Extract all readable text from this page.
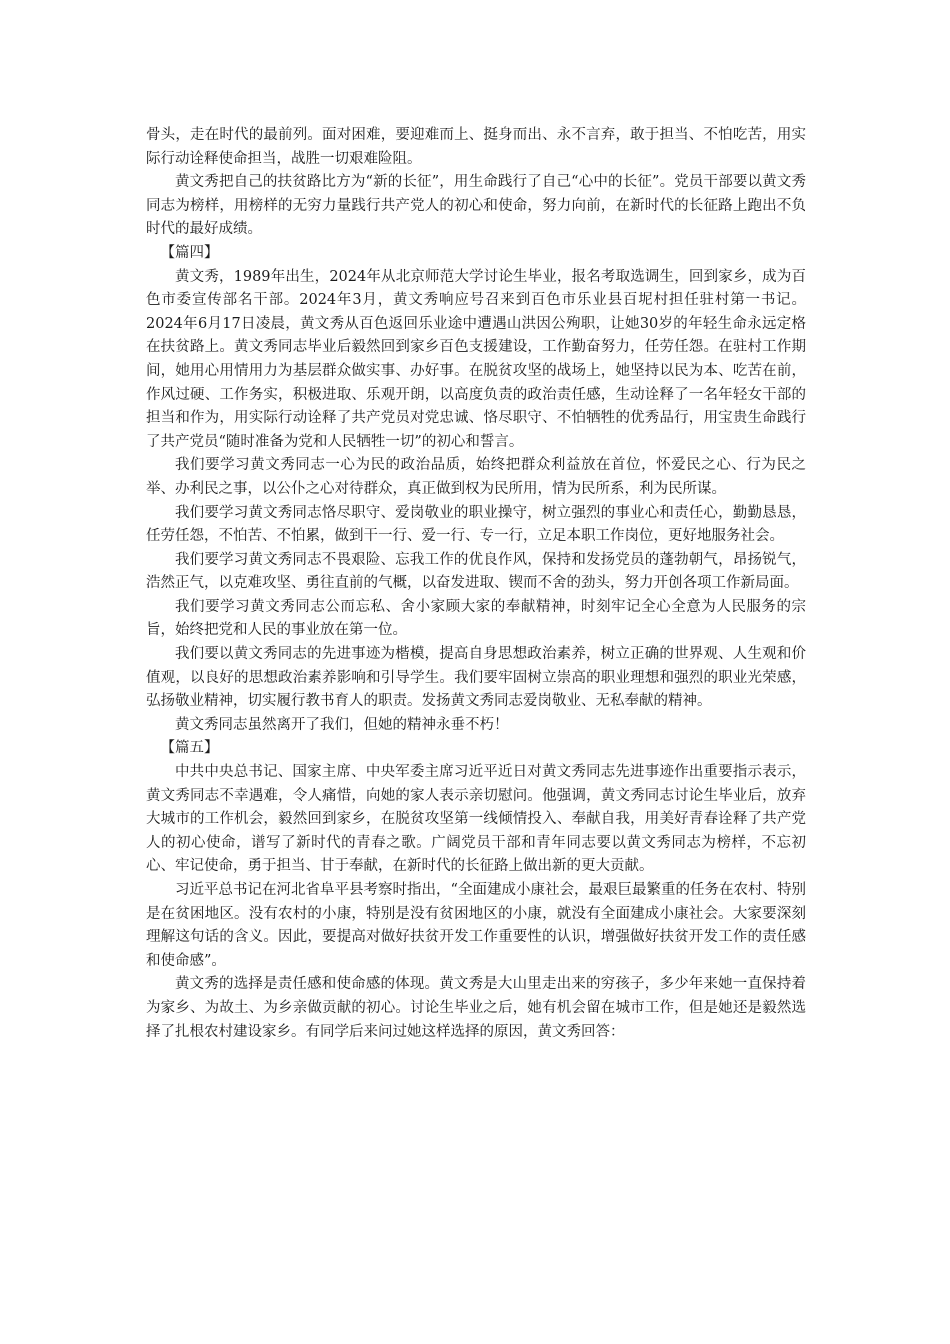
骨头，走在时代的最前列。面对困难，要迎难而上、挺身而出、永不言弃，敢于担当、不怕吃苦，用实际行动诠释使命担当，战胜一切艰难险阻。

黄文秀把自己的扶贫路比方为“新的长征”，用生命践行了自己“心中的长征”。党员干部要以黄文秀同志为榜样，用榜样的无穷力量践行共产党人的初心和使命，努力向前，在新时代的长征路上跑出不负时代的最好成绩。

【篇四】

黄文秀，1989年出生，2024年从北京师范大学讨论生毕业，报名考取选调生，回到家乡，成为百色市委宣传部名干部。2024年3月，黄文秀响应号召来到百色市乐业县百坭村担任驻村第一书记。2024年6月17日凌晨，黄文秀从百色返回乐业途中遭遇山洪因公殉职，让她30岁的年轻生命永远定格在扶贫路上。黄文秀同志毕业后毅然回到家乡百色支援建设，工作勤奋努力，任劳任怨。在驻村工作期间，她用心用情用力为基层群众做实事、办好事。在脱贫攻坚的战场上，她坚持以民为本、吃苦在前，作风过硬、工作务实，积极进取、乐观开朗，以高度负责的政治责任感，生动诠释了一名年轻女干部的担当和作为，用实际行动诠释了共产党员对党忠诚、恪尽职守、不怕牺牲的优秀品行，用宝贵生命践行了共产党员“随时准备为党和人民牺牲一切”的初心和誓言。

我们要学习黄文秀同志一心为民的政治品质，始终把群众利益放在首位，怀爱民之心、行为民之举、办利民之事，以公仆之心对待群众，真正做到权为民所用，情为民所系，利为民所谋。

我们要学习黄文秀同志恪尽职守、爱岗敬业的职业操守，树立强烈的事业心和责任心，勤勤恳恳，任劳任怨，不怕苦、不怕累，做到干一行、爱一行、专一行，立足本职工作岗位，更好地服务社会。

我们要学习黄文秀同志不畏艰险、忘我工作的优良作风，保持和发扬党员的蓬勃朝气，昂扬锐气，浩然正气，以克难攻坚、勇往直前的气概，以奋发进取、锲而不舍的劲头，努力开创各项工作新局面。

我们要学习黄文秀同志公而忘私、舍小家顾大家的奉献精神，时刻牢记全心全意为人民服务的宗旨，始终把党和人民的事业放在第一位。

我们要以黄文秀同志的先进事迹为楷模，提高自身思想政治素养，树立正确的世界观、人生观和价值观，以良好的思想政治素养影响和引导学生。我们要牢固树立崇高的职业理想和强烈的职业光荣感，弘扬敬业精神，切实履行教书育人的职责。发扬黄文秀同志爱岗敬业、无私奉献的精神。

黄文秀同志虽然离开了我们，但她的精神永垂不朽！

【篇五】

中共中央总书记、国家主席、中央军委主席习近平近日对黄文秀同志先进事迹作出重要指示表示，黄文秀同志不幸遇难，令人痛惜，向她的家人表示亲切慰问。他强调，黄文秀同志讨论生毕业后，放弃大城市的工作机会，毅然回到家乡，在脱贫攻坚第一线倾情投入、奉献自我，用美好青春诠释了共产党人的初心使命，谱写了新时代的青春之歌。广阔党员干部和青年同志要以黄文秀同志为榜样，不忘初心、牢记使命，勇于担当、甘于奉献，在新时代的长征路上做出新的更大贡献。

习近平总书记在河北省阜平县考察时指出，“全面建成小康社会，最艰巨最繁重的任务在农村、特别是在贫困地区。没有农村的小康，特别是没有贫困地区的小康，就没有全面建成小康社会。大家要深刻理解这句话的含义。因此，要提高对做好扶贫开发工作重要性的认识，增强做好扶贫开发工作的责任感和使命感”。

黄文秀的选择是责任感和使命感的体现。黄文秀是大山里走出来的穷孩子，多少年来她一直保持着为家乡、为故土、为乡亲做贡献的初心。讨论生毕业之后，她有机会留在城市工作，但是她还是毅然选择了扎根农村建设家乡。有同学后来问过她这样选择的原因，黄文秀回答：
